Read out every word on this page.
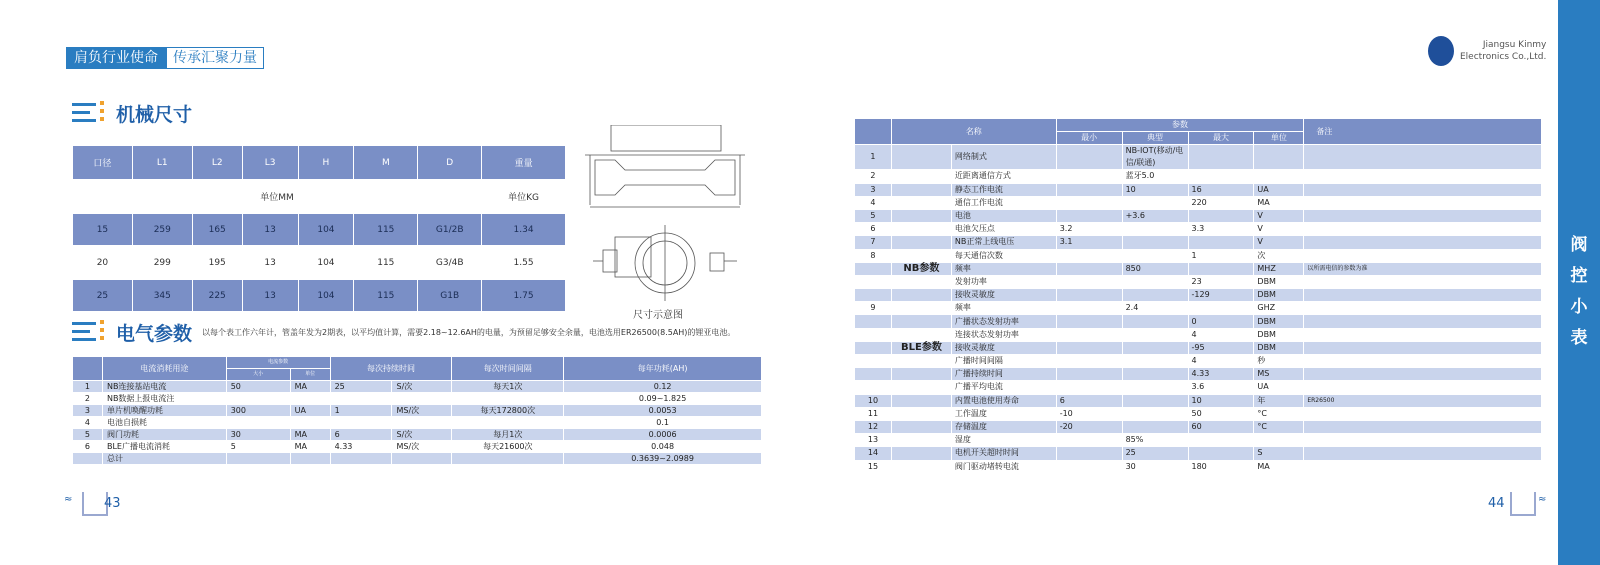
肩负行业使命	传承汇聚力量
机械尺寸
口径	L1	L2	L3	H	M	D	重量
单位MM							单位KG
15	259	165	13	104	115	G1/2B	1.34
20	299	195	13	104	115	G3/4B	1.55
25	345	225	13	104	115	G1B	1.75
尺寸示意图
电气参数 以每个表工作六年计，管盖年发为2期表，以平均值计算，需要2.18~12.6AH的电量，为预留足够安全余量，电池选用ER26500(8.5AH)的锂亚电池。
	电流消耗用途	电流参数		每次持续时间		每次时间间隔	每年功耗(AH)
		大小	单位				
1	NB连接基站电流	50	MA	25	S/次	每天1次	0.12
2	NB数据上报电流注						0.09~1.825
3	单片机唤醒功耗	300	UA	1	MS/次	每天172800次	0.0053
4	电池自损耗						0.1
5	阀门功耗	30	MA	6	S/次	每月1次	0.0006
6	BLE广播电流消耗	5	MA	4.33	MS/次	每天21600次	0.048
	总计						0.3639~2.0989
≈ 43
Jiangsu Kinmy
Electronics Co.,Ltd.
	名称		参数				备注
			最小	典型	最大	单位	
1		网络制式		NB-IOT(移动/电信/联通)			
2		近距离通信方式		蓝牙5.0			
3		静态工作电流		10	16	UA	
4		通信工作电流			220	MA	
5		电池		+3.6		V	
6		电池欠压点	3.2		3.3	V	
7		NB正常上线电压	3.1			V	
8		每天通信次数			1	次	
	NB参数	频率		850		MHZ	以所需电信的参数为准
		发射功率			23	DBM	
		接收灵敏度			-129	DBM	
9		频率		2.4		GHZ	
		广播状态发射功率			0	DBM	
		连接状态发射功率			4	DBM	
	BLE参数	接收灵敏度			-95	DBM	
		广播时间间隔			4	秒	
		广播持续时间			4.33	MS	
		广播平均电流			3.6	UA	
10		内置电池使用寿命	6		10	年	ER26500
11		工作温度	-10		50	°C	
12		存储温度	-20		60	°C	
13		湿度		85%			
14		电机开关超时时间		25		S	
15		阀门驱动堵转电流		30	180	MA	
≈
44
阀
控
小
表
